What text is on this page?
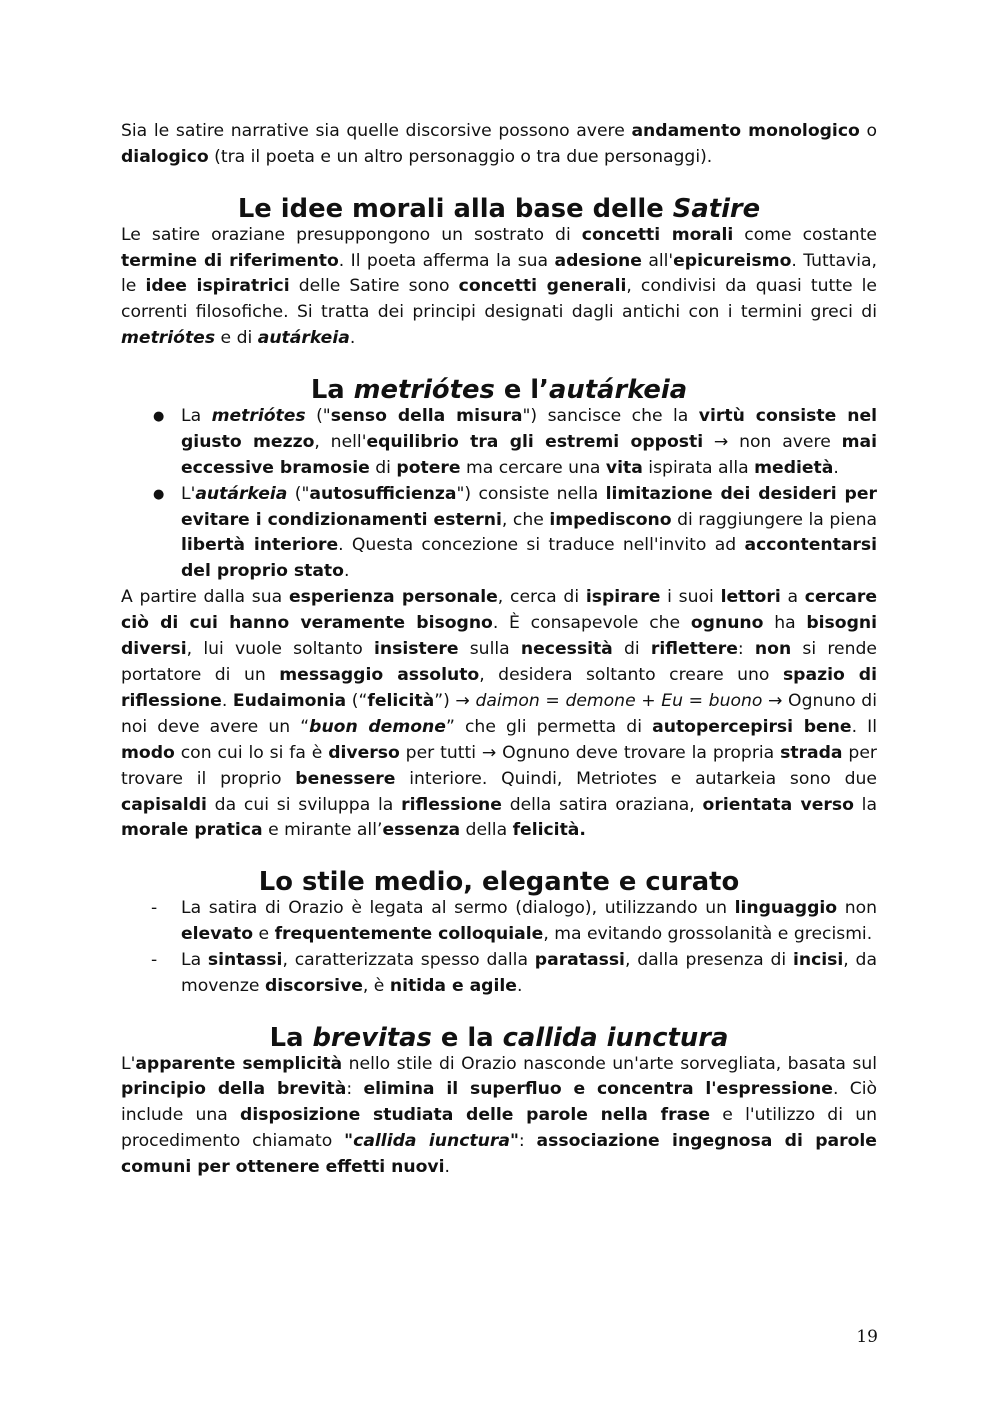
Sia le satire narrative sia quelle discorsive possono avere andamento monologico o dialogico (tra il poeta e un altro personaggio o tra due personaggi).

Le idee morali alla base delle Satire

Le satire oraziane presuppongono un sostrato di concetti morali come costante termine di riferimento. Il poeta afferma la sua adesione all'epicureismo. Tuttavia, le idee ispiratrici delle Satire sono concetti generali, condivisi da quasi tutte le correnti filosofiche. Si tratta dei principi designati dagli antichi con i termini greci di metriótes e di autárkeia.

La metriótes e l’autárkeia
● La metriótes ("senso della misura") sancisce che la virtù consiste nel giusto mezzo, nell'equilibrio tra gli estremi opposti → non avere mai eccessive bramosie di potere ma cercare una vita ispirata alla medietà.
● L'autárkeia ("autosufficienza") consiste nella limitazione dei desideri per evitare i condizionamenti esterni, che impediscono di raggiungere la piena libertà interiore. Questa concezione si traduce nell'invito ad accontentarsi del proprio stato.

A partire dalla sua esperienza personale, cerca di ispirare i suoi lettori a cercare ciò di cui hanno veramente bisogno. È consapevole che ognuno ha bisogni diversi, lui vuole soltanto insistere sulla necessità di riflettere: non si rende portatore di un messaggio assoluto, desidera soltanto creare uno spazio di riflessione. Eudaimonia (“felicità”) → daimon = demone + Eu = buono → Ognuno di noi deve avere un “buon demone” che gli permetta di autopercepirsi bene. Il modo con cui lo si fa è diverso per tutti → Ognuno deve trovare la propria strada per trovare il proprio benessere interiore. Quindi, Metriotes e autarkeia sono due capisaldi da cui si sviluppa la riflessione della satira oraziana, orientata verso la morale pratica e mirante all’essenza della felicità.

Lo stile medio, elegante e curato
- La satira di Orazio è legata al sermo (dialogo), utilizzando un linguaggio non elevato e frequentemente colloquiale, ma evitando grossolanità e grecismi.
- La sintassi, caratterizzata spesso dalla paratassi, dalla presenza di incisi, da movenze discorsive, è nitida e agile.
La brevitas e la callida iunctura

L'apparente semplicità nello stile di Orazio nasconde un'arte sorvegliata, basata sul principio della brevità: elimina il superfluo e concentra l'espressione. Ciò include una disposizione studiata delle parole nella frase e l'utilizzo di un procedimento chiamato "callida iunctura": associazione ingegnosa di parole comuni per ottenere effetti nuovi.

19
